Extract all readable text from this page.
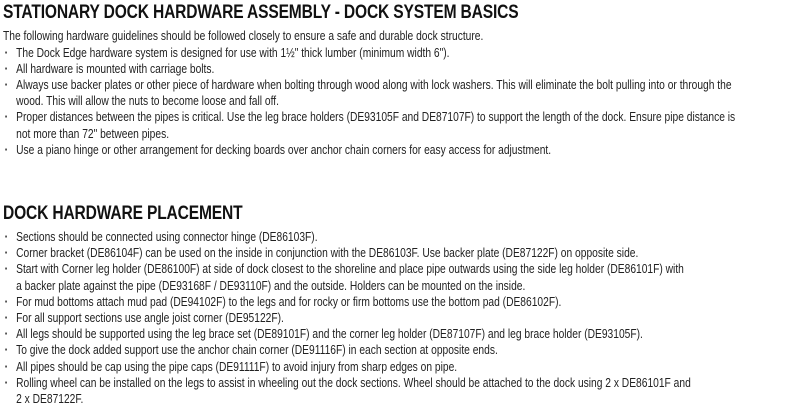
STATIONARY DOCK HARDWARE ASSEMBLY - DOCK SYSTEM BASICS
The following hardware guidelines should be followed closely to ensure a safe and durable dock structure.
· The Dock Edge hardware system is designed for use with 1½" thick lumber (minimum width 6").
· All hardware is mounted with carriage bolts.
· Always use backer plates or other piece of hardware when bolting through wood along with lock washers. This will eliminate the bolt pulling into or through the
wood. This will allow the nuts to become loose and fall off.
· Proper distances between the pipes is critical. Use the leg brace holders (DE93105F and DE87107F) to support the length of the dock. Ensure pipe distance is
not more than 72" between pipes.
· Use a piano hinge or other arrangement for decking boards over anchor chain corners for easy access for adjustment.
DOCK HARDWARE PLACEMENT
· Sections should be connected using connector hinge (DE86103F).
· Corner bracket (DE86104F) can be used on the inside in conjunction with the DE86103F. Use backer plate (DE87122F) on opposite side.
· Start with Corner leg holder (DE86100F) at side of dock closest to the shoreline and place pipe outwards using the side leg holder (DE86101F) with
a backer plate against the pipe (DE93168F / DE93110F) and the outside. Holders can be mounted on the inside.
· For mud bottoms attach mud pad (DE94102F) to the legs and for rocky or firm bottoms use the bottom pad (DE86102F).
· For all support sections use angle joist corner (DE95122F).
· All legs should be supported using the leg brace set (DE89101F) and the corner leg holder (DE87107F) and leg brace holder (DE93105F).
· To give the dock added support use the anchor chain corner (DE91116F) in each section at opposite ends.
· All pipes should be cap using the pipe caps (DE91111F) to avoid injury from sharp edges on pipe.
· Rolling wheel can be installed on the legs to assist in wheeling out the dock sections. Wheel should be attached to the dock using 2 x DE86101F and
2 x DE87122F.
